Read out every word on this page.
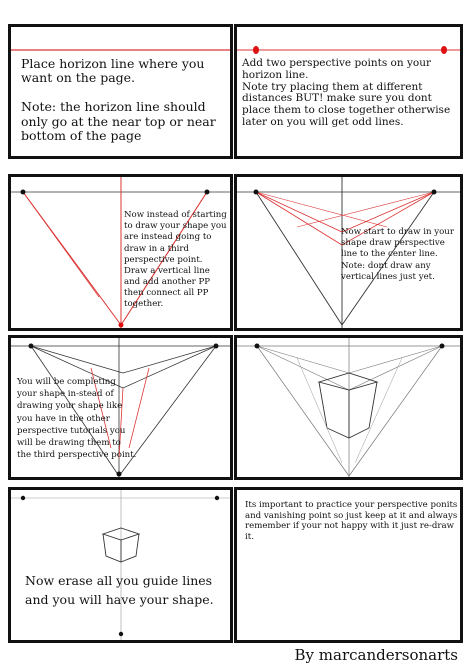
Place horizon line where you want on the page.

Note: the horizon line should only go at the near top or near bottom of the page
Add two perspective points on your horizon line.
Note try placing them at different distances BUT! make sure you dont place them to close together otherwise later on you will get odd lines.
Now instead of starting to draw your shape you are instead going to draw in a third perspective point.
Draw a vertical line and add another PP then connect all PP together.
Now start to draw in your shape draw perspective line to the center line.
Note: dont draw any vertical lines just yet.
You will be completing your shape in-stead of drawing your shape like you have in the other perspective tutorials you will be drawing them to the third perspective point.
Now erase all you guide lines and you will have your shape.
Its important to practice your perspective ponits and vanishing point so just keep at it and always remember if your not happy with it just re-draw it.
By marcandersonarts
